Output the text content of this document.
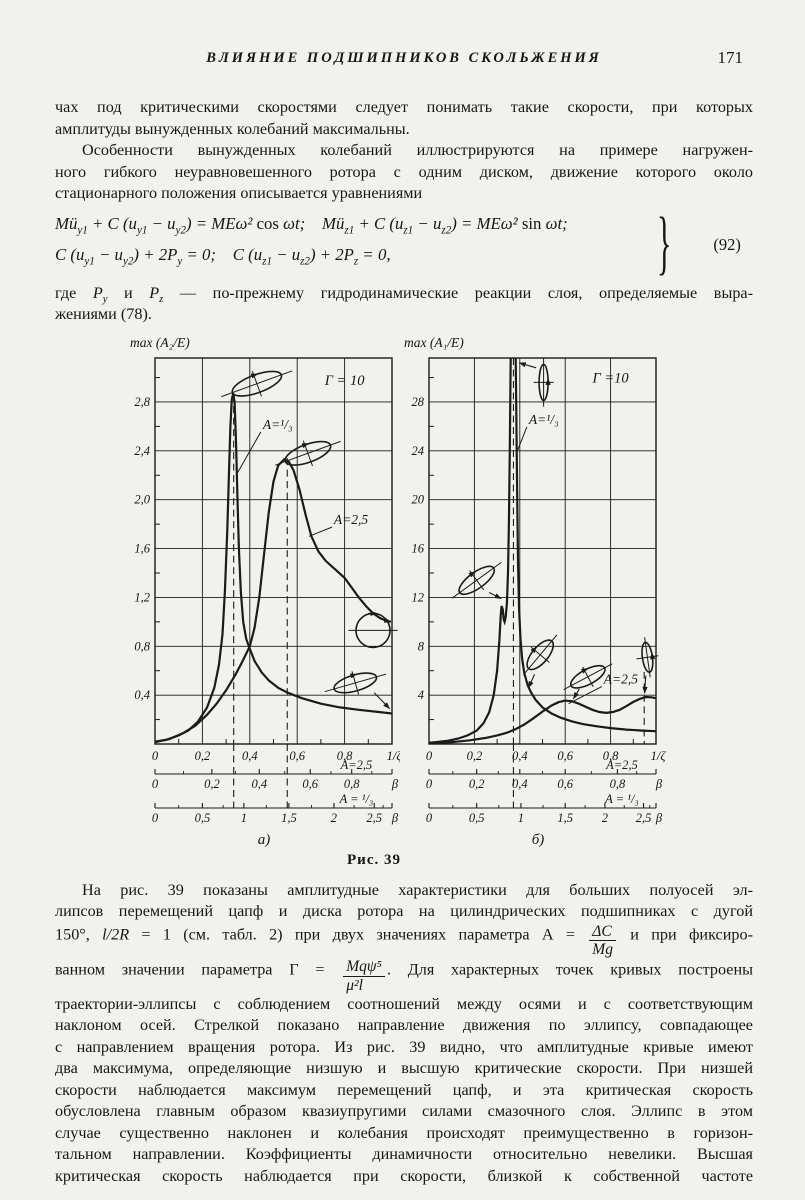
ВЛИЯНИЕ ПОДШИПНИКОВ СКОЛЬЖЕНИЯ	171
чах под критическими скоростями следует понимать такие скорости, при которых
амплитуды вынужденных колебаний максимальны.
Особенности вынужденных колебаний иллюстрируются на примере нагружен-
ного гибкого неуравновешенного ротора с одним диском, движение которого около
стационарного положения описывается уравнениями
$Mü_{y1} + C$ $(u_{y1} - u_{y2}) = ME\omega^2$ cos ωt; $Mü_{z1} + C$ $(u_{z1} - u_{z2}) = ME\omega^2$ sin ωt;
C $(u_{y1} - u_{y2}) + 2P_y = 0$; C $(u_{z1} - u_{z2}) + 2P_z = 0$,	}	(92)
где $P_y$ и $P_z$ — по-прежнему гидродинамические реакции слоя, определяемые выра-
жениями (78).
0	0,2	0,4	0,6	0,8	1/ζ
0,4
0,8
1,2
1,6
2,0
2,4
2,8
A=¹/₃
A=2,5
Г = 10
max (A₂/E)
0	0,2	0,4	0,6 0,8	β
A=2,5
0	0,5 1	1,5	2 2,5 β
A = ¹/₃
0	0,2 0,4 0,6 0,8	1/ζ
4
8
12
16
20
24
28
A=¹/₃
A=2,5
Г =10
max (A₁/E)
0	0,2 0,4 0,6	0,8 β
A=2,5
0	0,5	1	1,5 2 2,5 β
A = ¹/₃
а)	б)
Рис. 39
На рис. 39 показаны амплитудные характеристики для больших полуосей эл-
липсов перемещений цапф и диска ротора на цилиндрических подшипниках с дугой
150°, l/2R = 1 (см. табл. 2) при двух значениях параметра $А = \frac{\Delta C}{Mg}$ и при фиксиро-
ванном значении параметра $Г = \frac{\text{Mqψ⁵}}{\text{μ²l}}$ . Для характерных точек кривых построены
траектории-эллипсы с соблюдением соотношений между осями и с соответствующим
наклоном осей. Стрелкой показано направление движения по эллипсу, совпадающее
с направлением вращения ротора. Из рис. 39 видно, что амплитудные кривые имеют
два максимума, определяющие низшую и высшую критические скорости. При низшей
скорости наблюдается максимум перемещений цапф, и эта критическая скорость
обусловлена главным образом квазиупругими силами смазочного слоя. Эллипс в этом
случае существенно наклонен и колебания происходят преимущественно в горизон-
тальном направлении. Коэффициенты динамичности относительно невелики. Высшая
критическая скорость наблюдается при скорости, близкой к собственной частоте
